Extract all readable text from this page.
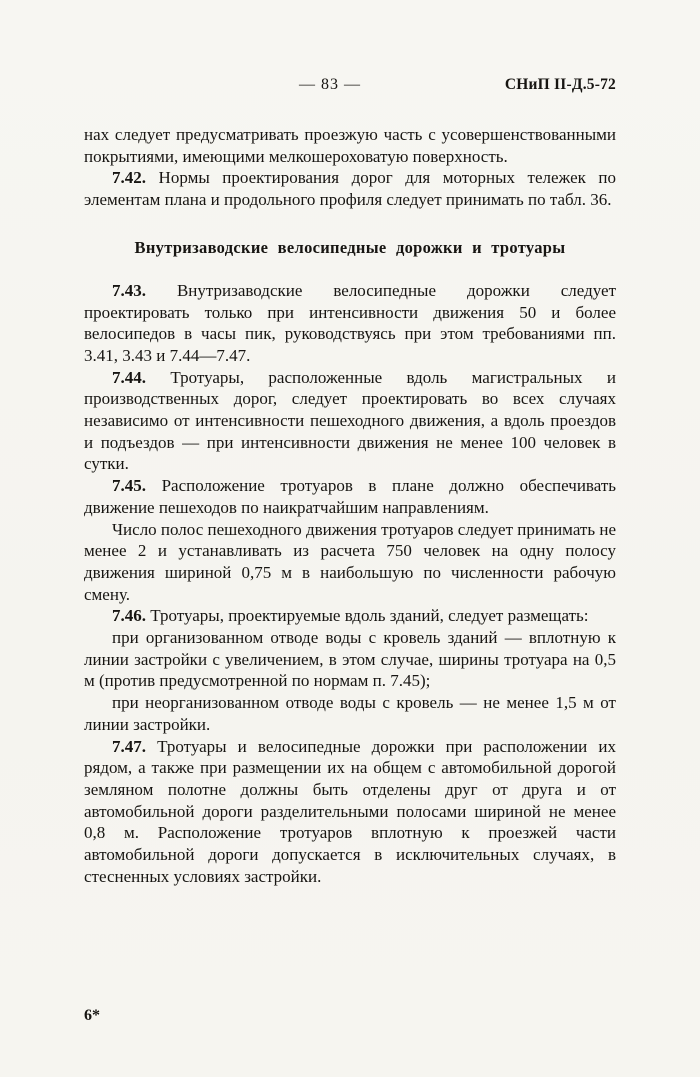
— 83 —	СНиП II-Д.5-72

нах следует предусматривать проезжую часть с усовершенствованными покрытиями, имеющими мелкошероховатую поверхность.

7.42. Нормы проектирования дорог для моторных тележек по элементам плана и продольного профиля следует принимать по табл. 36.

Внутризаводские велосипедные дорожки и тротуары

7.43. Внутризаводские велосипедные дорожки следует проектировать только при интенсивности движения 50 и более велосипедов в часы пик, руководствуясь при этом требованиями пп. 3.41, 3.43 и 7.44—7.47.

7.44. Тротуары, расположенные вдоль магистральных и производственных дорог, следует проектировать во всех случаях независимо от интенсивности пешеходного движения, а вдоль проездов и подъездов — при интенсивности движения не менее 100 человек в сутки.

7.45. Расположение тротуаров в плане должно обеспечивать движение пешеходов по наикратчайшим направлениям.

Число полос пешеходного движения тротуаров следует принимать не менее 2 и устанавливать из расчета 750 человек на одну полосу движения шириной 0,75 м в наибольшую по численности рабочую смену.

7.46. Тротуары, проектируемые вдоль зданий, следует размещать:

при организованном отводе воды с кровель зданий — вплотную к линии застройки с увеличением, в этом случае, ширины тротуара на 0,5 м (против предусмотренной по нормам п. 7.45);

при неорганизованном отводе воды с кровель — не менее 1,5 м от линии застройки.

7.47. Тротуары и велосипедные дорожки при расположении их рядом, а также при размещении их на общем с автомобильной дорогой земляном полотне должны быть отделены друг от друга и от автомобильной дороги разделительными полосами шириной не менее 0,8 м. Расположение тротуаров вплотную к проезжей части автомобильной дороги допускается в исключительных случаях, в стесненных условиях застройки.

6*
